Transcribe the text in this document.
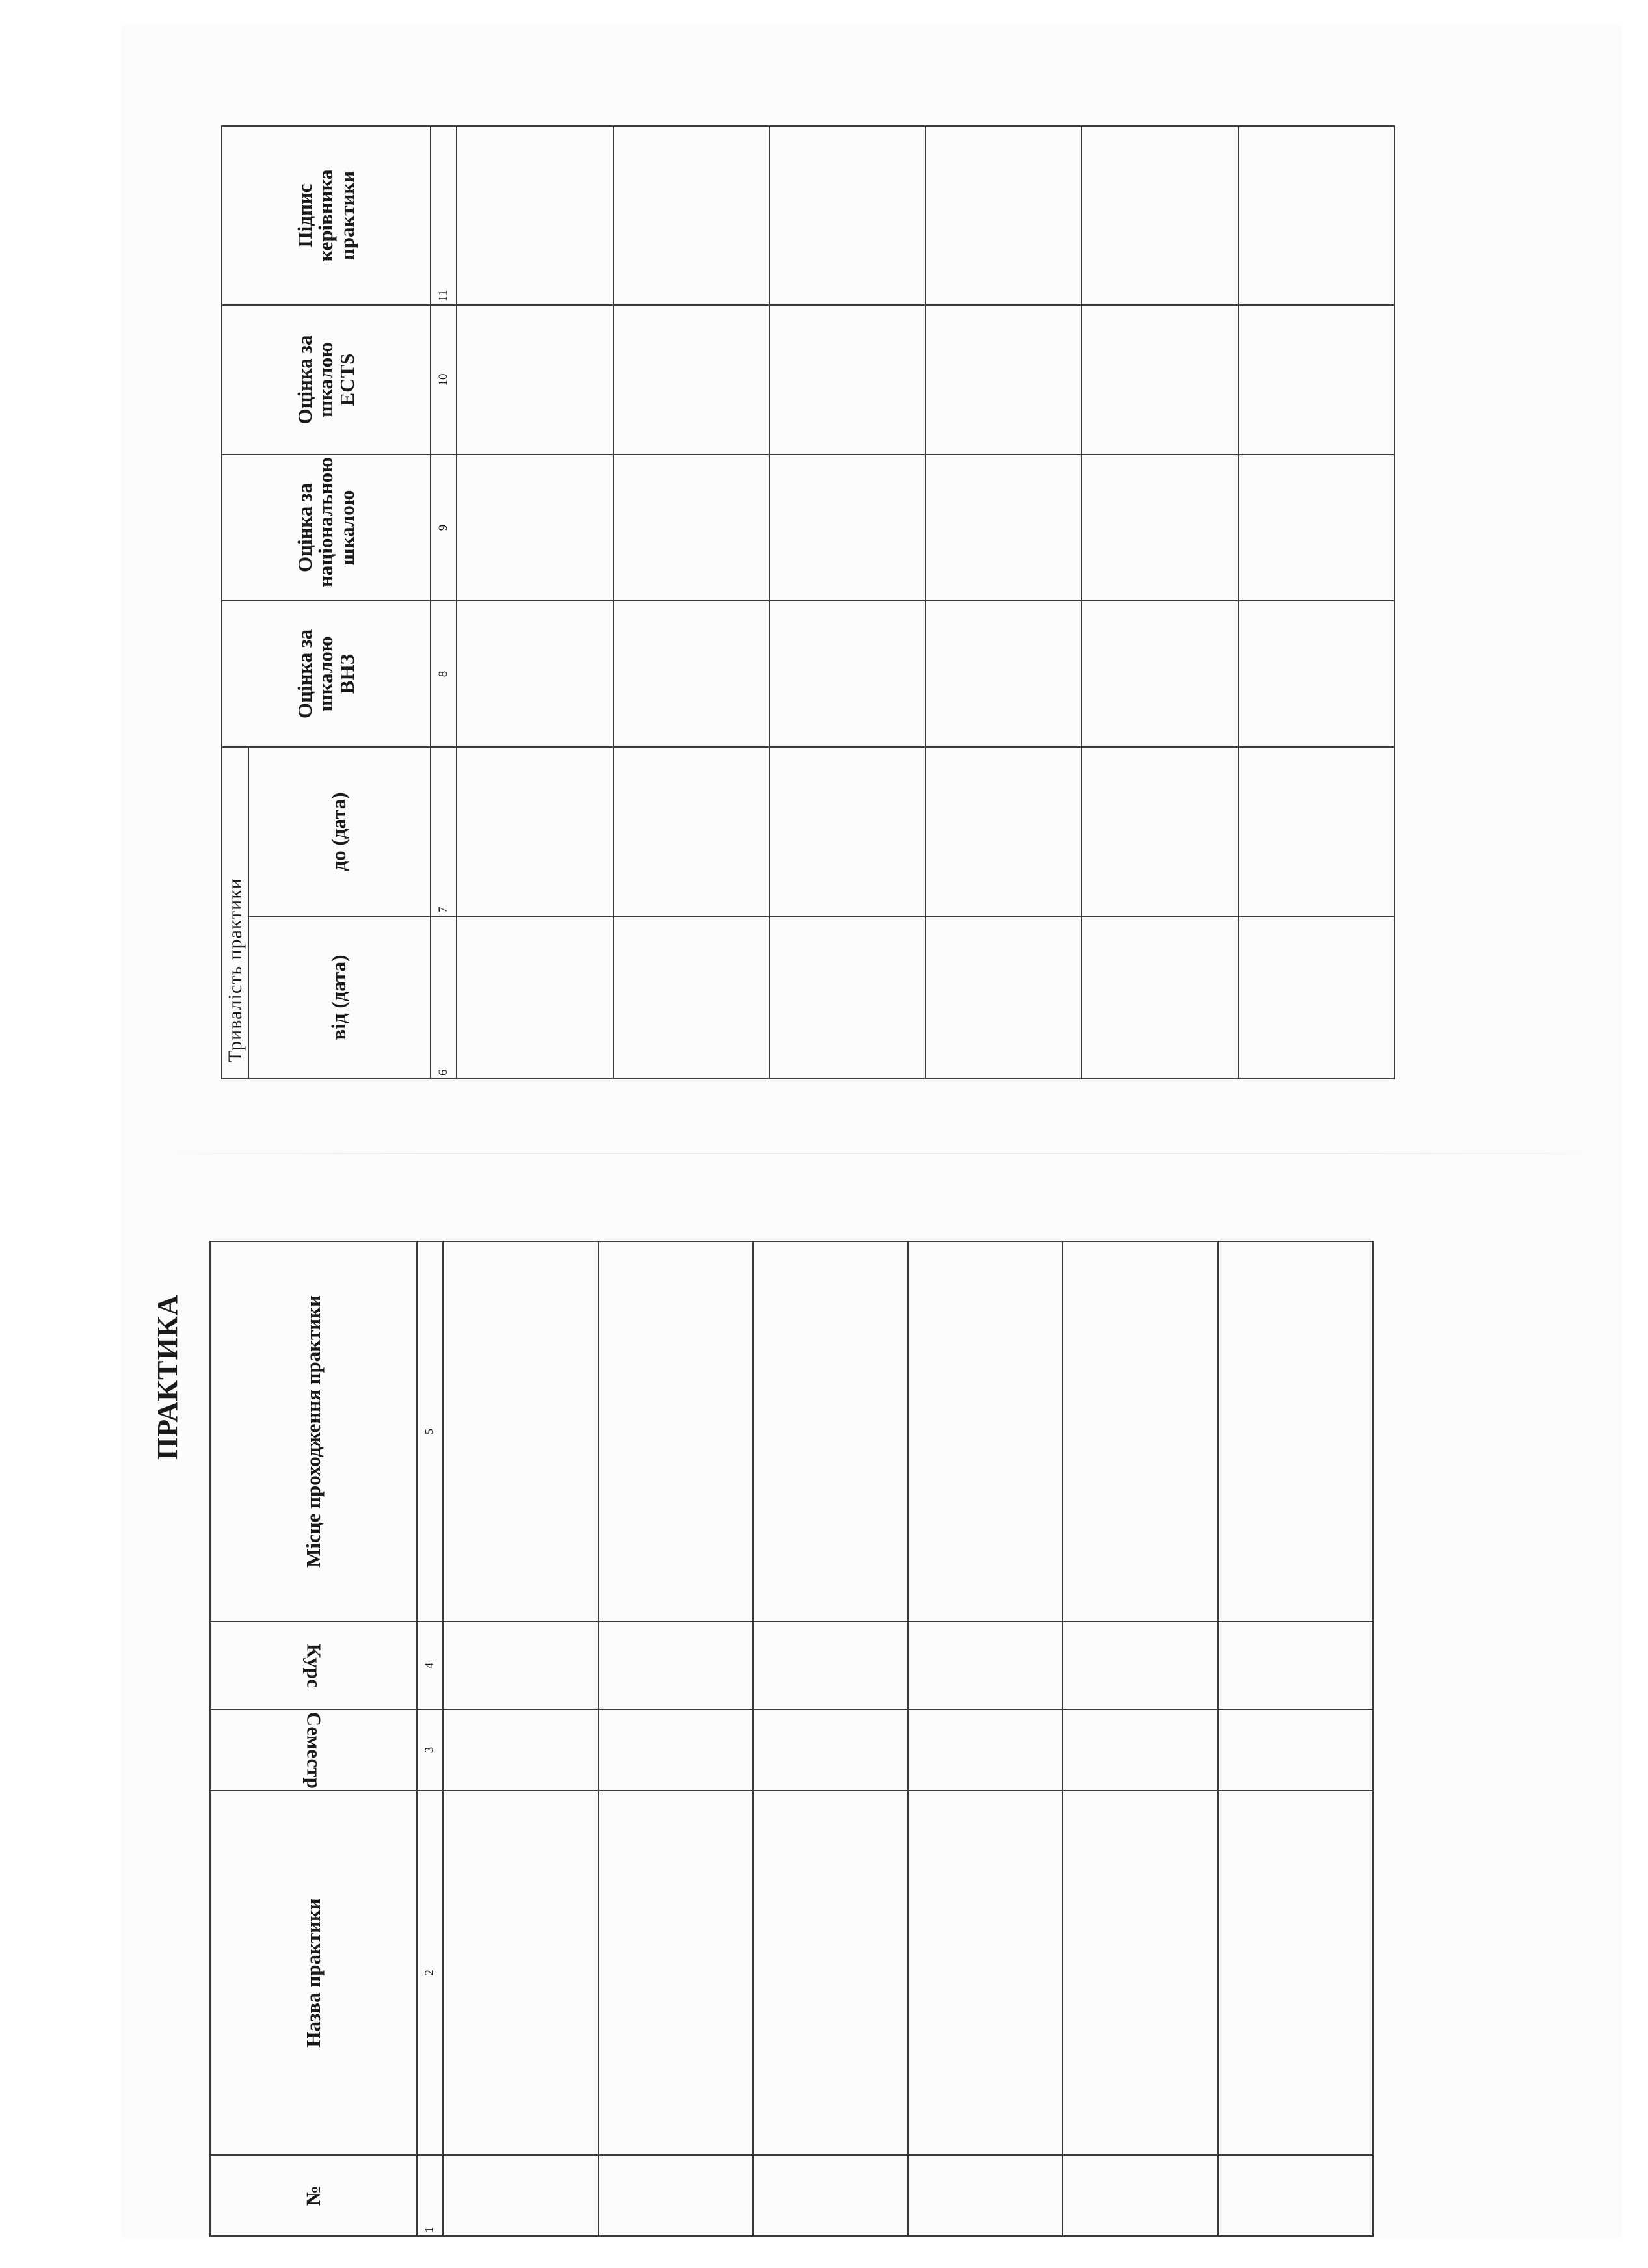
ПРАКТИКА
Тривалість практики		Оцінка за шкалою ВНЗ	Оцінка за національною шкалою	Оцінка за шкалою ECTS	Підпис керівника практики
від (дата)	до (дата)				
6	7	8	9	10	11

№	Назва практики	Семестр	Курс	Місце проходження практики
1	2	3	4	5
